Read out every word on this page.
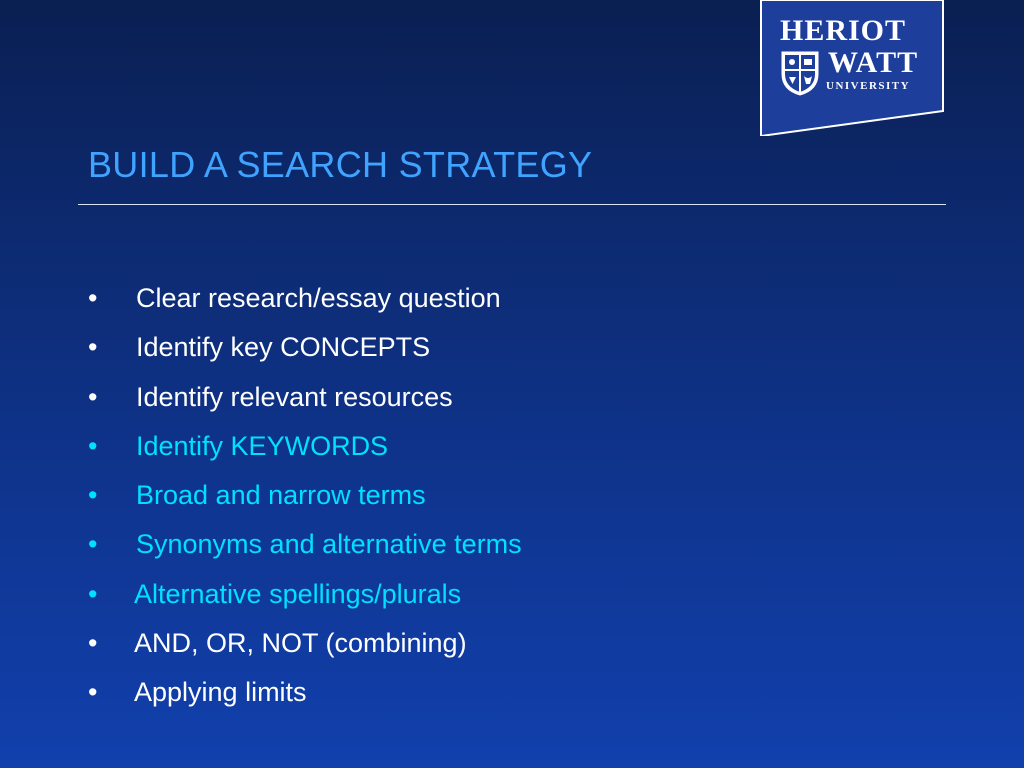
HERIOT
WATT
UNIVERSITY
BUILD A SEARCH STRATEGY
•	Clear research/essay question
•	Identify key CONCEPTS
•	Identify relevant resources
•	Identify KEYWORDS
•	Broad and narrow terms
•	Synonyms and alternative terms
•	Alternative spellings/plurals
•	AND, OR, NOT (combining)
•	Applying limits
